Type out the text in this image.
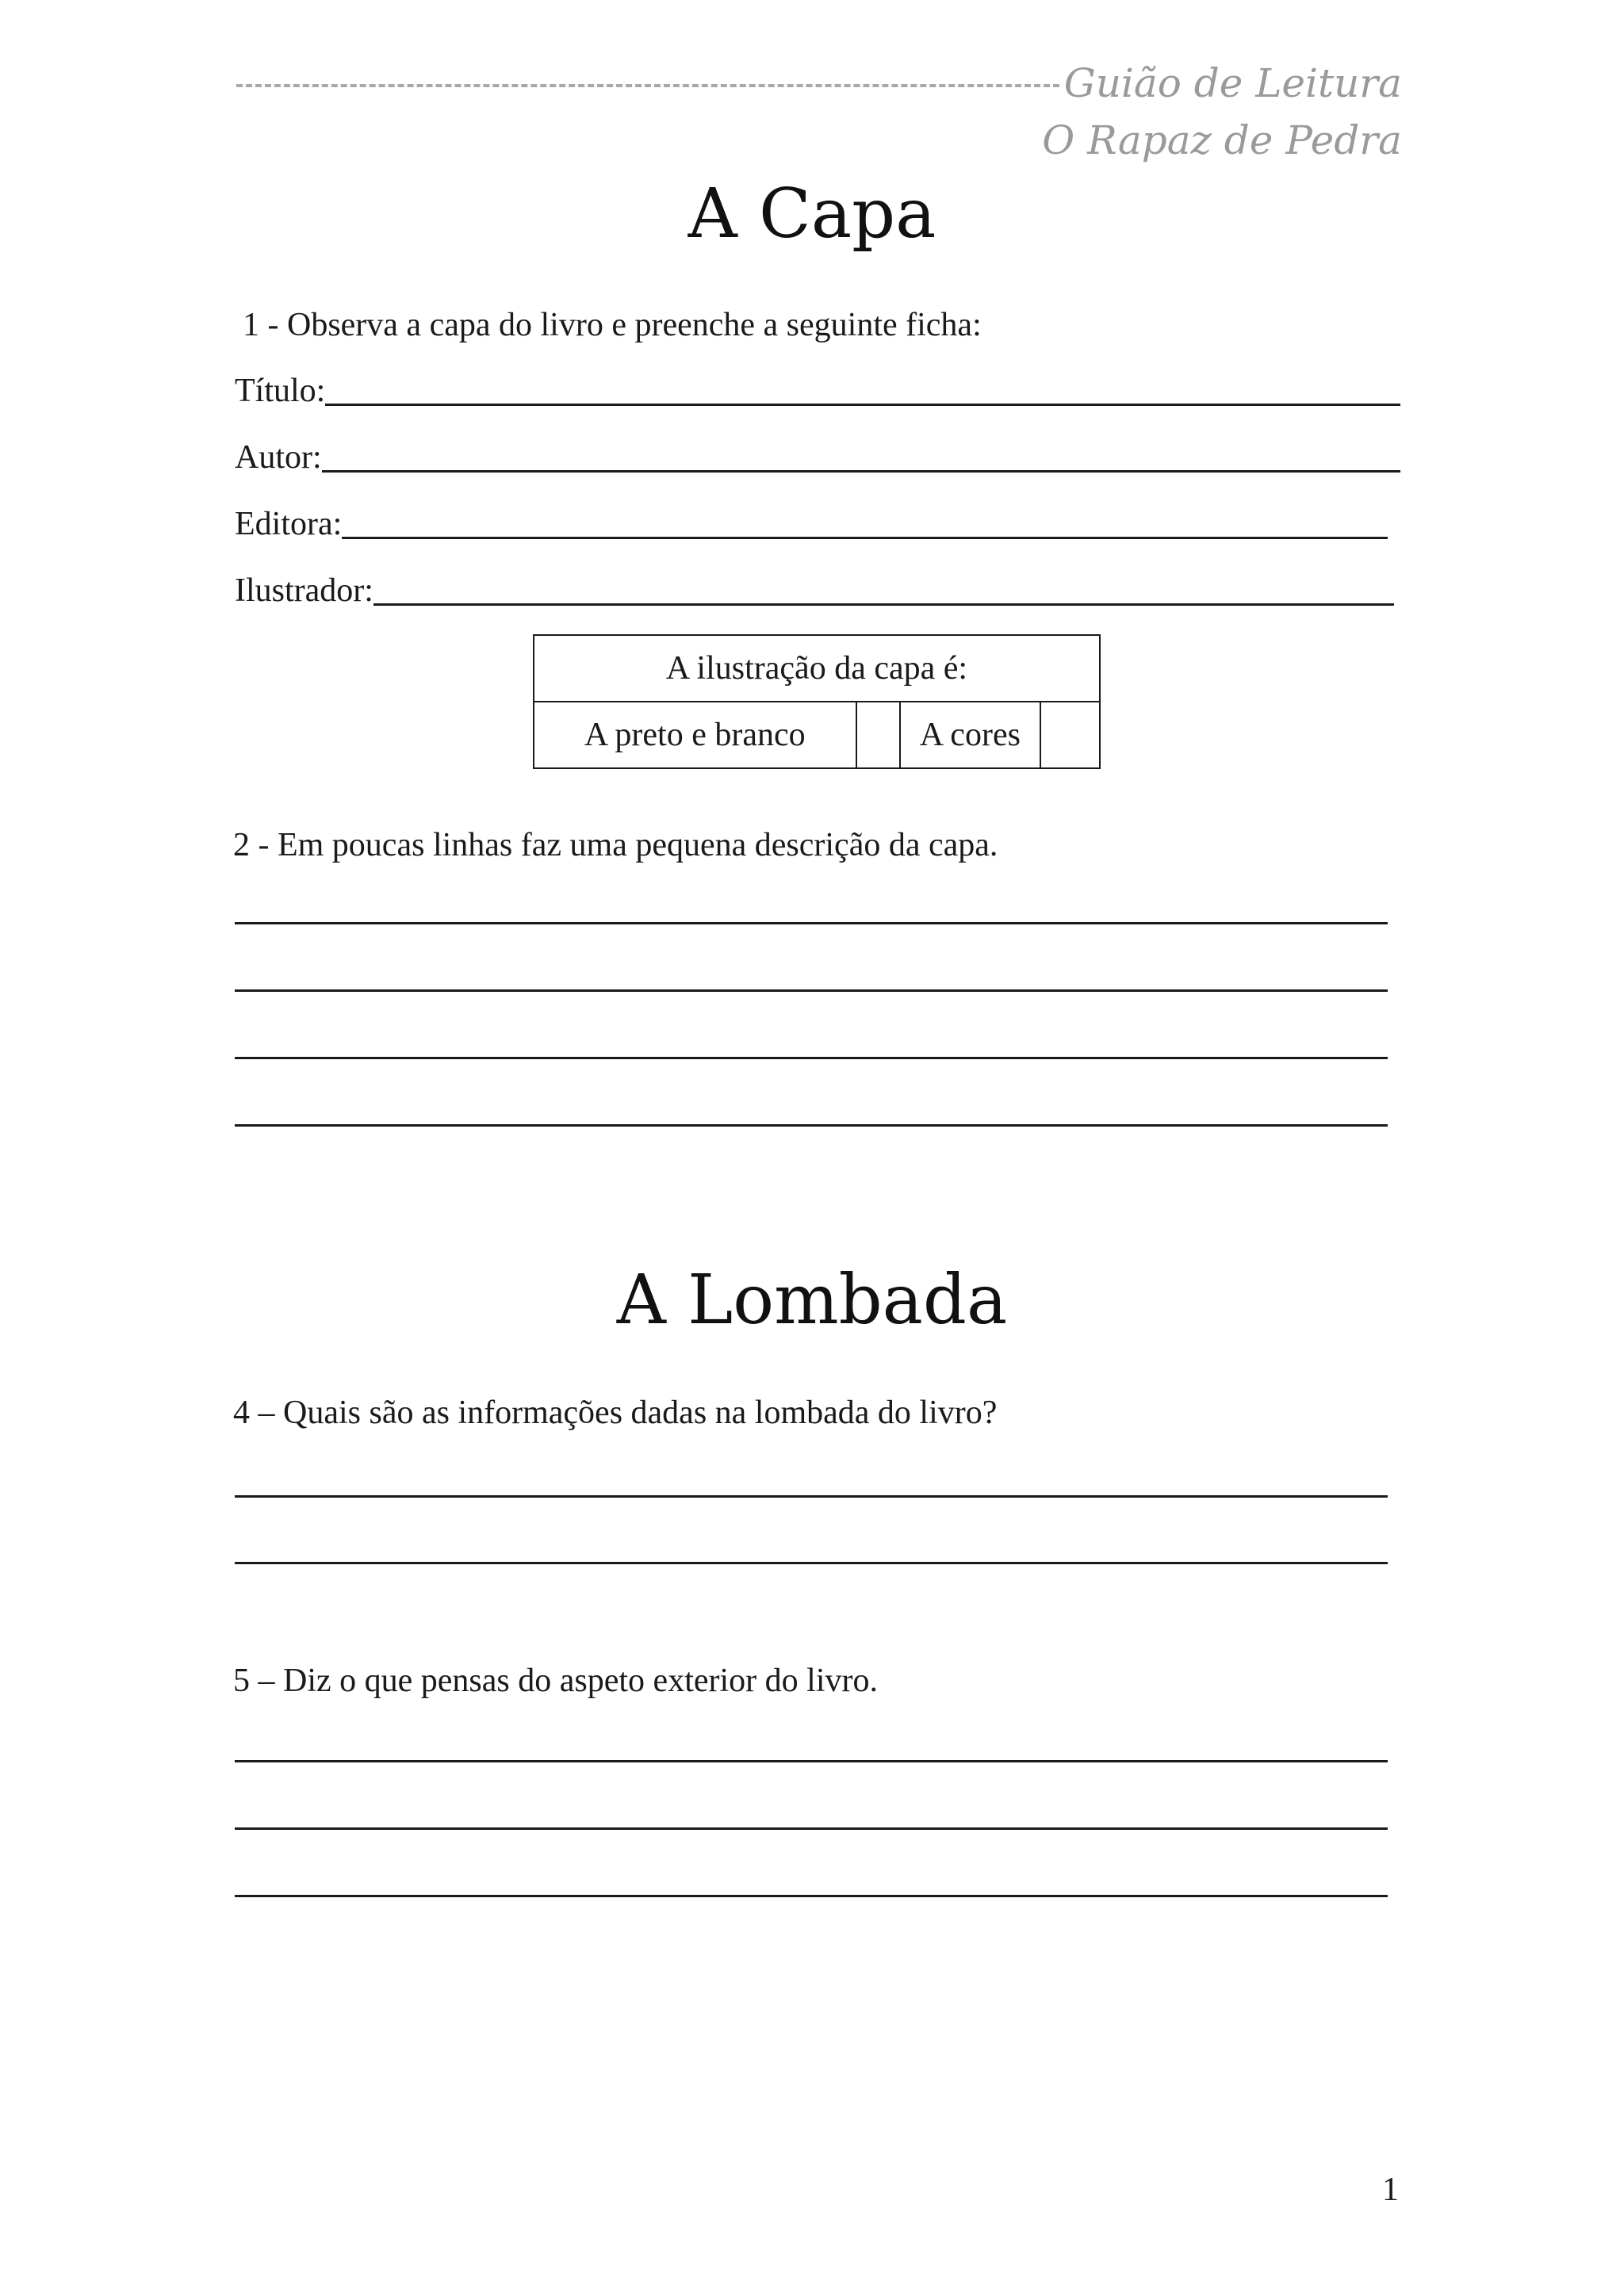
Guião de Leitura
O Rapaz de Pedra
A Capa
1 - Observa a capa do livro e preenche a seguinte ficha:
Título:
Autor:
Editora:
Ilustrador:
A ilustração da capa é:
A preto e branco		A cores	
2 - Em poucas linhas faz uma pequena descrição da capa.
A Lombada
4 – Quais são as informações dadas na lombada do livro?
5 – Diz o que pensas do aspeto exterior do livro.
1
